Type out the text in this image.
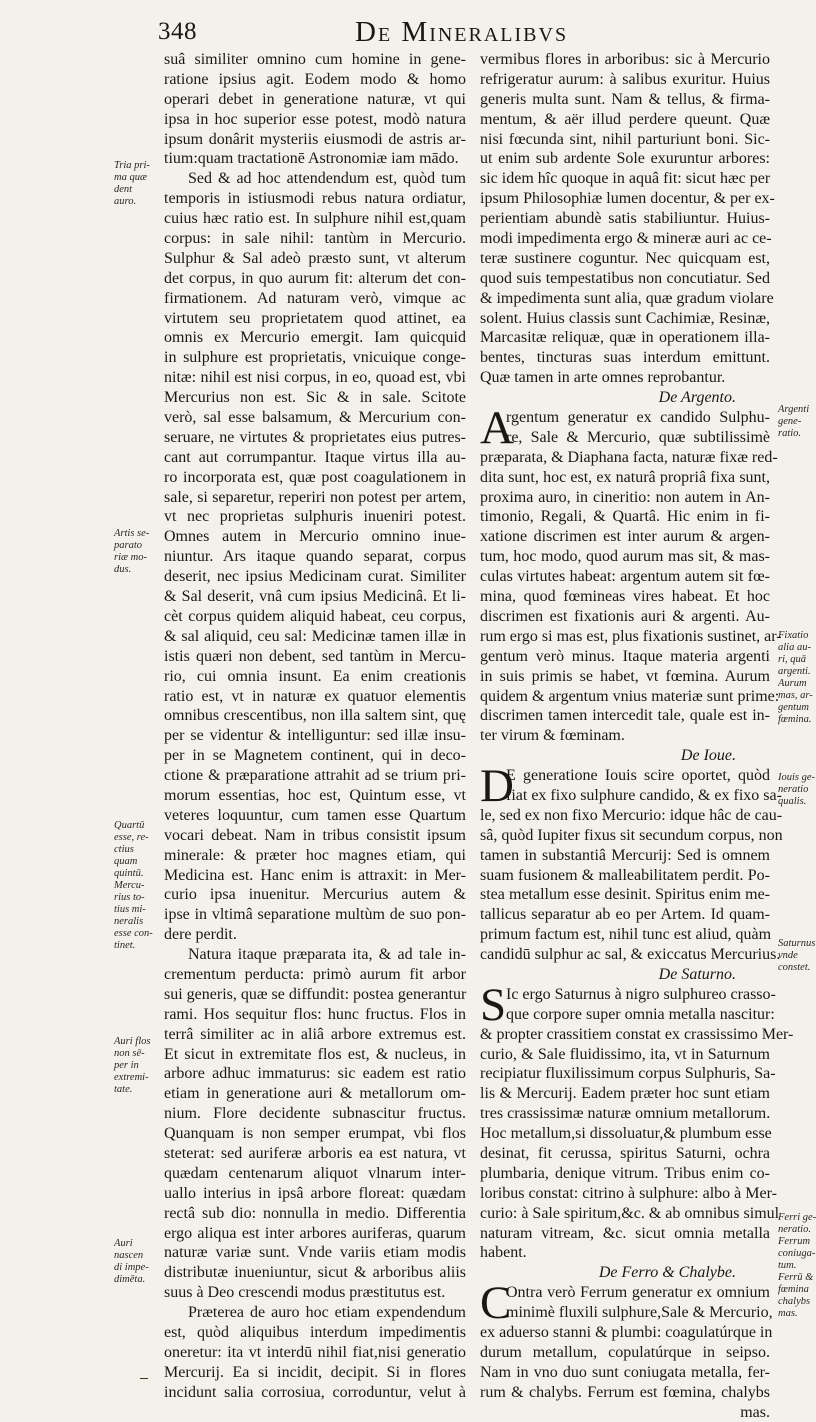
348	De Mineralibvs
suâ similiter omnino cum homine in gene-
ratione ipsius agit. Eodem modo & homo
operari debet in generatione naturæ, vt qui
ipsa in hoc superior esse potest, modò natura
ipsum donârit mysteriis eiusmodi de astris ar-
tium:quam tractationē Astronomiæ iam mādo.
Sed & ad hoc attendendum est, quòd tum
temporis in istiusmodi rebus natura ordiatur,
cuius hæc ratio est. In sulphure nihil est,quam
corpus: in sale nihil: tantùm in Mercurio.
Sulphur & Sal adeò præsto sunt, vt alterum
det corpus, in quo aurum fit: alterum det con-
firmationem. Ad naturam verò, vimque ac
virtutem seu proprietatem quod attinet, ea
omnis ex Mercurio emergit. Iam quicquid
in sulphure est proprietatis, vnicuique conge-
nitæ: nihil est nisi corpus, in eo, quoad est, vbi
Mercurius non est. Sic & in sale. Scitote
verò, sal esse balsamum, & Mercurium con-
seruare, ne virtutes & proprietates eius putres-
cant aut corrumpantur. Itaque virtus illa au-
ro incorporata est, quæ post coagulationem in
sale, si separetur, reperiri non potest per artem,
vt nec proprietas sulphuris inueniri potest.
Omnes autem in Mercurio omnino inue-
niuntur. Ars itaque quando separat, corpus
deserit, nec ipsius Medicinam curat. Similiter
& Sal deserit, vnâ cum ipsius Medicinâ. Et li-
cèt corpus quidem aliquid habeat, ceu corpus,
& sal aliquid, ceu sal: Medicinæ tamen illæ in
istis quæri non debent, sed tantùm in Mercu-
rio, cui omnia insunt. Ea enim creationis
ratio est, vt in naturæ ex quatuor elementis
omnibus crescentibus, non illa saltem sint, quę
per se videntur & intelliguntur: sed illæ insu-
per in se Magnetem continent, qui in deco-
ctione & præparatione attrahit ad se trium pri-
morum essentias, hoc est, Quintum esse, vt
veteres loquuntur, cum tamen esse Quartum
vocari debeat. Nam in tribus consistit ipsum
minerale: & præter hoc magnes etiam, qui
Medicina est. Hanc enim is attraxit: in Mer-
curio ipsa inuenitur. Mercurius autem &
ipse in vltimâ separatione multùm de suo pon-
dere perdit.
Natura itaque præparata ita, & ad tale in-
crementum perducta: primò aurum fit arbor
sui generis, quæ se diffundit: postea generantur
rami. Hos sequitur flos: hunc fructus. Flos in
terrâ similiter ac in aliâ arbore extremus est.
Et sicut in extremitate flos est, & nucleus, in
arbore adhuc immaturus: sic eadem est ratio
etiam in generatione auri & metallorum om-
nium. Flore decidente subnascitur fructus.
Quanquam is non semper erumpat, vbi flos
steterat: sed auriferæ arboris ea est natura, vt
quædam centenarum aliquot vlnarum inter-
uallo interius in ipsâ arbore floreat: quædam
rectâ sub dio: nonnulla in medio. Differentia
ergo aliqua est inter arbores auriferas, quarum
naturæ variæ sunt. Vnde variis etiam modis
distributæ inueniuntur, sicut & arboribus aliis
suus à Deo crescendi modus præstitutus est.
Præterea de auro hoc etiam expendendum
est, quòd aliquibus interdum impedimentis
oneretur: ita vt interdū nihil fiat,nisi generatio
Mercurij. Ea si incidit, decipit. Si in flores
incidunt salia corrosiua, corroduntur, velut à
vermibus flores in arboribus: sic à Mercurio
refrigeratur aurum: à salibus exuritur. Huius
generis multa sunt. Nam & tellus, & firma-
mentum, & aër illud perdere queunt. Quæ
nisi fœcunda sint, nihil parturiunt boni. Sic-
ut enim sub ardente Sole exuruntur arbores:
sic idem hîc quoque in aquâ fit: sicut hæc per
ipsum Philosophiæ lumen docentur, & per ex-
perientiam abundè satis stabiliuntur. Huius-
modi impedimenta ergo & mineræ auri ac ce-
teræ sustinere coguntur. Nec quicquam est,
quod suis tempestatibus non concutiatur. Sed
& impedimenta sunt alia, quæ gradum violare
solent. Huius classis sunt Cachimiæ, Resinæ,
Marcasitæ reliquæ, quæ in operationem illa-
bentes, tincturas suas interdum emittunt.
Quæ tamen in arte omnes reprobantur.
De Argento.
rgentum generatur ex candido Sulphu-
A
re, Sale & Mercurio, quæ subtilissimè
præparata, & Diaphana facta, naturæ fixæ red-
dita sunt, hoc est, ex naturâ propriâ fixa sunt,
proxima auro, in cineritio: non autem in An-
timonio, Regali, & Quartâ. Hic enim in fi-
xatione discrimen est inter aurum & argen-
tum, hoc modo, quod aurum mas sit, & mas-
culas virtutes habeat: argentum autem sit fœ-
mina, quod fœmineas vires habeat. Et hoc
discrimen est fixationis auri & argenti. Au-
rum ergo si mas est, plus fixationis sustinet, ar-
gentum verò minus. Itaque materia argenti
in suis primis se habet, vt fœmina. Aurum
quidem & argentum vnius materiæ sunt prime:
discrimen tamen intercedit tale, quale est in-
ter virum & fœminam.
De Ioue.
E generatione Iouis scire oportet, quòd
D
fiat ex fixo sulphure candido, & ex fixo sa-
le, sed ex non fixo Mercurio: idque hâc de cau-
sâ, quòd Iupiter fixus sit secundum corpus, non
tamen in substantiâ Mercurij: Sed is omnem
suam fusionem & malleabilitatem perdit. Po-
stea metallum esse desinit. Spiritus enim me-
tallicus separatur ab eo per Artem. Id quam-
primum factum est, nihil tunc est aliud, quàm
candidū sulphur ac sal, & exiccatus Mercurius.
De Saturno.
Ic ergo Saturnus à nigro sulphureo crasso-
S que corpore super omnia metalla nascitur:
& propter crassitiem constat ex crassissimo Mer-
curio, & Sale fluidissimo, ita, vt in Saturnum
recipiatur fluxilissimum corpus Sulphuris, Sa-
lis & Mercurij. Eadem præter hoc sunt etiam
tres crassissimæ naturæ omnium metallorum.
Hoc metallum,si dissoluatur,& plumbum esse
desinat, fit cerussa, spiritus Saturni, ochra
plumbaria, denique vitrum. Tribus enim co-
loribus constat: citrino à sulphure: albo à Mer-
curio: à Sale spiritum,&c. & ab omnibus simul
naturam vitream, &c. sicut omnia metalla
habent.
De Ferro & Chalybe.
Ontra verò Ferrum generatur ex omnium
C
minimè fluxili sulphure,Sale & Mercurio,
ex aduerso stanni & plumbi: coagulatúrque in
durum metallum, copulatúrque in seipso.
Nam in vno duo sunt coniugata metalla, fer-
rum & chalybs. Ferrum est fœmina, chalybs
mas.
Tria pri-
ma quæ
dent
auro.
Artis se-
parato
riæ mo-
dus.
Quartū
esse, re-
ctius
quam
quintū.
Mercu-
rius to-
tius mi-
neralis
esse con-
tinet.
Auri flos
non sē-
per in
extremi-
tate.
Auri
nascen
di impe-
dimēta.
Argenti
gene-
ratio.
Fixatio
alia au-
ri, quā
argenti.
Aurum
mas, ar-
gentum
fœmina.
Iouis ge-
neratio
qualis.
Saturnus
vnde
constet.
Ferri ge-
neratio.
Ferrum
coniuga-
tum.
Ferrū &
fœmina
chalybs
mas.
